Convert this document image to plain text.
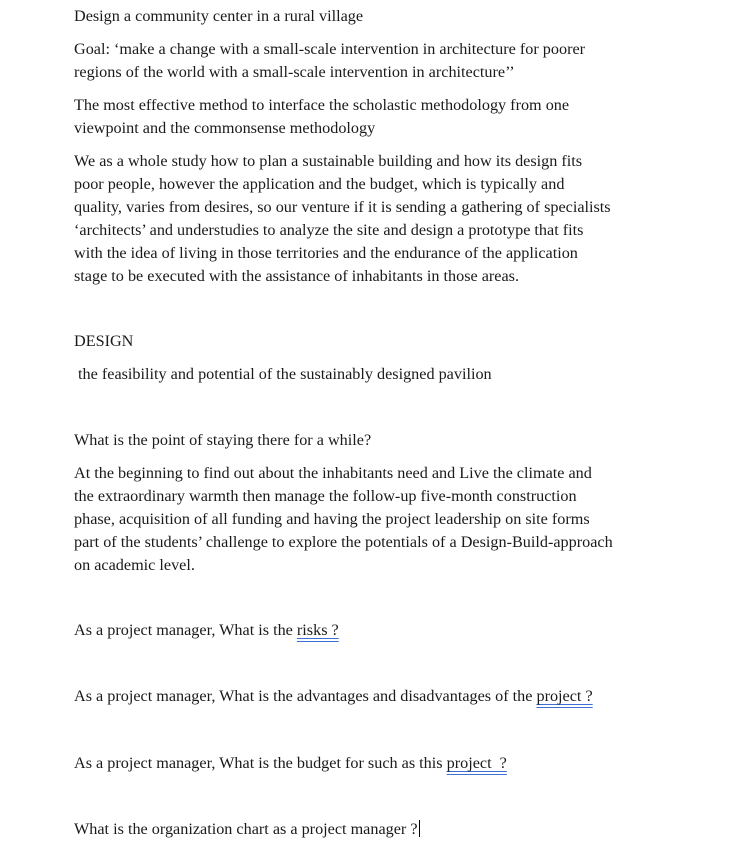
Design a community center in a rural village

Goal: ‘make a change with a small-scale intervention in architecture for poorer
regions of the world with a small-scale intervention in architecture’’

The most effective method to interface the scholastic methodology from one
viewpoint and the commonsense methodology

We as a whole study how to plan a sustainable building and how its design fits
poor people, however the application and the budget, which is typically and
quality, varies from desires, so our venture if it is sending a gathering of specialists
‘architects’ and understudies to analyze the site and design a prototype that fits
with the idea of living in those territories and the endurance of the application
stage to be executed with the assistance of inhabitants in those areas.

DESIGN

the feasibility and potential of the sustainably designed pavilion

What is the point of staying there for a while?

At the beginning to find out about the inhabitants need and Live the climate and
the extraordinary warmth then manage the follow-up five-month construction
phase, acquisition of all funding and having the project leadership on site forms
part of the students’ challenge to explore the potentials of a Design-Build-approach
on academic level.

As a project manager, What is the risks ?

As a project manager, What is the advantages and disadvantages of the project ?

As a project manager, What is the budget for such as this project  ?

What is the organization chart as a project manager ?
